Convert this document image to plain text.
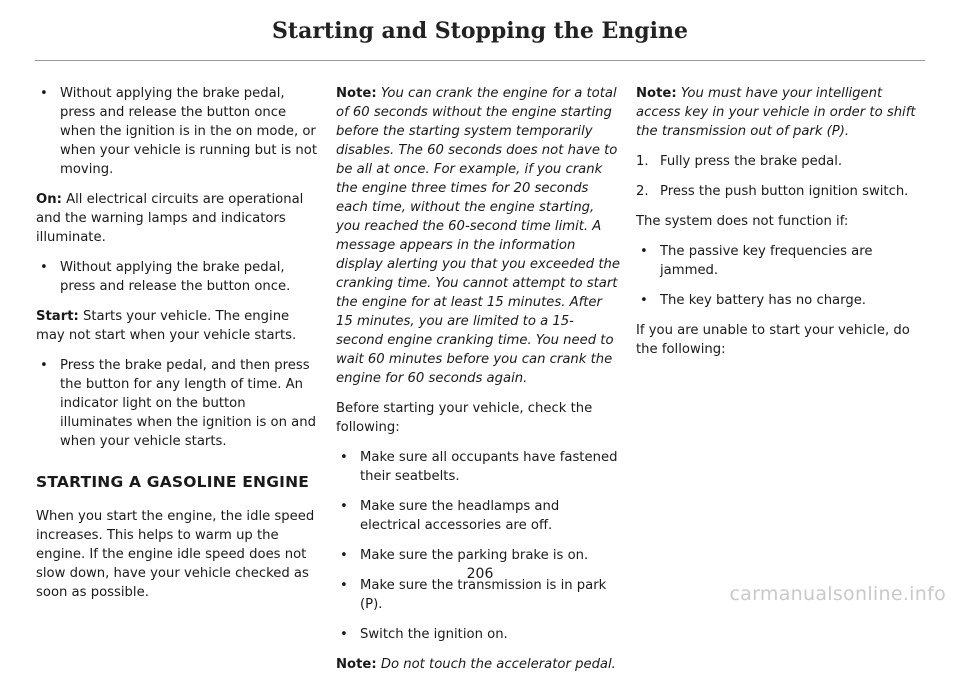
Starting and Stopping the Engine
• Without applying the brake pedal, press and release the button once when the ignition is in the on mode, or when your vehicle is running but is not moving.

On: All electrical circuits are operational and the warning lamps and indicators illuminate.

• Without applying the brake pedal, press and release the button once.

Start: Starts your vehicle. The engine may not start when your vehicle starts.

• Press the brake pedal, and then press the button for any length of time. An indicator light on the button illuminates when the ignition is on and when your vehicle starts.
STARTING A GASOLINE ENGINE

When you start the engine, the idle speed increases. This helps to warm up the engine. If the engine idle speed does not slow down, have your vehicle checked as soon as possible.

Note: You can crank the engine for a total of 60 seconds without the engine starting before the starting system temporarily disables. The 60 seconds does not have to be all at once. For example, if you crank the engine three times for 20 seconds each time, without the engine starting, you reached the 60-second time limit. A message appears in the information display alerting you that you exceeded the cranking time. You cannot attempt to start the engine for at least 15 minutes. After 15 minutes, you are limited to a 15-second engine cranking time. You need to wait 60 minutes before you can crank the engine for 60 seconds again.

Before starting your vehicle, check the following:

• Make sure all occupants have fastened their seatbelts.
• Make sure the headlamps and electrical accessories are off.
• Make sure the parking brake is on.
• Make sure the transmission is in park (P).
• Switch the ignition on.

Note: Do not touch the accelerator pedal.

Note: You must have your intelligent access key in your vehicle in order to shift the transmission out of park (P).

1. Fully press the brake pedal.
2. Press the push button ignition switch.

The system does not function if:

• The passive key frequencies are jammed.
• The key battery has no charge.

If you are unable to start your vehicle, do the following:

206
carmanualsonline.info
